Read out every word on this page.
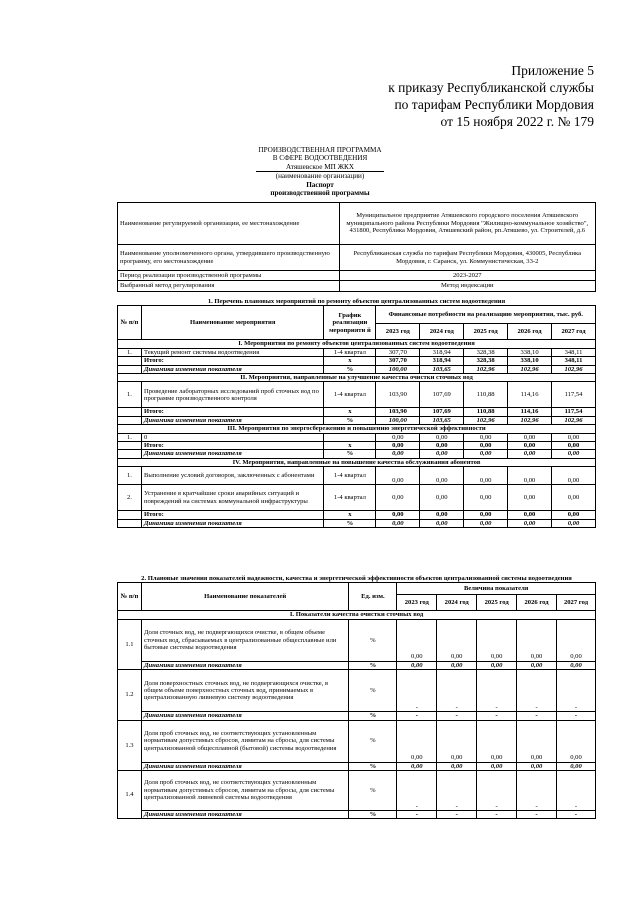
Приложение 5
к приказу Республиканской службы
по тарифам Республики Мордовия
от 15 ноября 2022 г. № 179
ПРОИЗВОДСТВЕННАЯ ПРОГРАММА
В СФЕРЕ ВОДООТВЕДЕНИЯ
Атяшевское МП ЖКХ
(наименование организации)
Паспорт
производственной программы
Наименование регулируемой организации, ее местонахождение	Муниципальное предприятие Атяшевского городского поселения Атяшевского муниципального района Республики Мордовия "Жилищно-коммунальное хозяйство", 431800, Республика Мордовия, Атяшевский район, рп.Атяшево, ул. Строителей, д.6
Наименование уполномоченного органа, утвердившего производственную программу, его местонахождение	Республиканская служба по тарифам Республики Мордовия, 430005, Республика Мордовия, г. Саранск, ул. Коммунистическая, 33-2
Период реализации производственной программы	2023-2027
Выбранный метод регулирования	Метод индексации
1. Перечень плановых мероприятий по ремонту объектов централизованных систем водоотведения							
№ п/п	Наименование мероприятия	График реализации мероприяти й	Финансовые потребности на реализацию мероприятия, тыс. руб.				
			2023 год	2024 год	2025 год	2026 год	2027 год
I. Мероприятия по ремонту объектов централизованных систем водоотведения							
1.	Текущий ремонт системы водоотведения	1-4 квартал	307,70	318,94	328,38	338,10	348,11
	Итого:	х	307,70	318,94	328,38	338,10	348,11
	Динамика изменения показателя	%	100,00	103,65	102,96	102,96	102,96
II. Мероприятия, направленные на улучшение качества очистки сточных вод							
1.	Проведение лабораторных исследований проб сточных вод по программе производственного контроля	1-4 квартал	103,90	107,69	110,88	114,16	117,54
	Итого:	х	103,90	107,69	110,88	114,16	117,54
	Динамика изменения показателя	%	100,00	103,65	102,96	102,96	102,96
III. Мероприятия по энергосбережению и повышению энергетической эффективности							
1.	0		0,00	0,00	0,00	0,00	0,00
	Итого:	х	0,00	0,00	0,00	0,00	0,00
	Динамика изменения показателя	%	0,00	0,00	0,00	0,00	0,00
IV. Мероприятия, направленные на повышение качества обслуживания абонентов							
1.	Выполнение условий договоров, заключенных с абонентами	1-4 квартал	0,00	0,00	0,00	0,00	0,00
2.	Устранение в кратчайшие сроки аварийных ситуаций и повреждений на системах коммунальной инфраструктуры	1-4 квартал	0,00	0,00	0,00	0,00	0,00
	Итого:	х	0,00	0,00	0,00	0,00	0,00
	Динамика изменения показателя	%	0,00	0,00	0,00	0,00	0,00
2. Плановые значения показателей надежности, качества и энергетической эффективности объектов централизованной системы водоотведения							
№ п/п	Наименование показателей	Ед. изм.	Величина показателя				
			2023 год	2024 год	2025 год	2026 год	2027 год
I. Показатели качества очистки сточных вод							
1.1	Доля сточных вод, не подвергающихся очистке, в общем объеме сточных вод, сбрасываемых в централизованные общесплавные или бытовые системы водоотведения	%	0,00	0,00	0,00	0,00	0,00
	Динамика изменения показателя	%	0,00	0,00	0,00	0,00	0,00
1.2	Доля поверхностных сточных вод, не подвергающихся очистке, в общем объеме поверхностных сточных вод, принимаемых в централизованную ливневую систему водоотведения	%	-	-	-	-	-
	Динамика изменения показателя	%	-	-	-	-	-
1.3	Доля проб сточных вод, не соответствующих установленным нормативам допустимых сбросов, лимитам на сбросы, для системы централизованной общесплавной (бытовой) системы водоотведения	%	0,00	0,00	0,00	0,00	0,00
	Динамика изменения показателя	%	0,00	0,00	0,00	0,00	0,00
1.4	Доля проб сточных вод, не соответствующих установленным нормативам допустимых сбросов, лимитам на сбросы, для системы централизованной ливневой системы водоотведения	%	-	-	-	-	-
	Динамика изменения показателя	%	-	-	-	-	-
